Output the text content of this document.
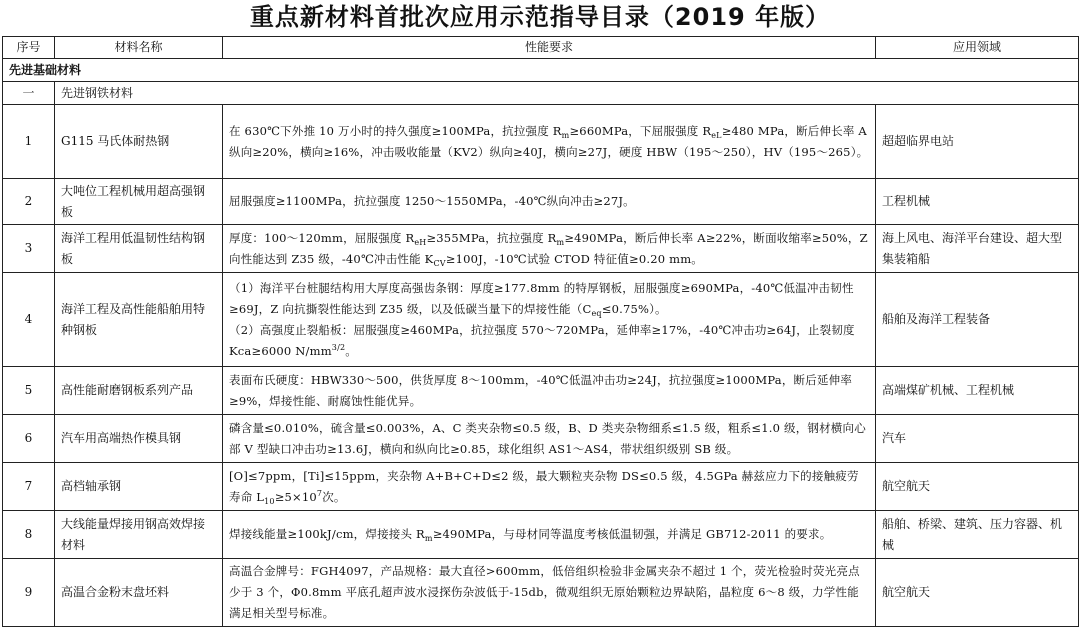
重点新材料首批次应用示范指导目录（2019 年版）
序号	材料名称	性能要求	应用领域
先进基础材料			
一	先进钢铁材料		
1	G115 马氏体耐热钢	在 630℃下外推 10 万小时的持久强度≥100MPa，抗拉强度 $R_m\ge 660MPa$，下屈服强度 $R_{eL}\ge 480$ MPa，断后伸长率 A 纵向≥20%，横向≥16%，冲击吸收能量（KV2）纵向≥40J，横向≥27J，硬度 HBW（195～250），HV（195～265）。	超超临界电站
2	大吨位工程机械用超高强钢板	屈服强度≥1100MPa，抗拉强度 1250～1550MPa，-40℃纵向冲击≥27J。	工程机械
3	海洋工程用低温韧性结构钢板	厚度：100～120mm，屈服强度 $R_{eH}\ge 355MPa$，抗拉强度 $R_m\ge 490MPa$，断后伸长率 A≥22%，断面收缩率≥50%，Z 向性能达到 Z35 级，-40℃冲击性能 $K_{CV}\ge 100J$，-10℃试验 CTOD 特征值≥0.20 mm。	海上风电、海洋平台建设、超大型集装箱船
4	海洋工程及高性能船舶用特种钢板	（1）海洋平台桩腿结构用大厚度高强齿条钢：厚度≥177.8mm 的特厚钢板，屈服强度≥690MPa，-40℃低温冲击韧性≥69J，Z 向抗撕裂性能达到 Z35 级，以及低碳当量下的焊接性能$(C_{eq}\le 0.75\%)$。
（2）高强度止裂船板：屈服强度≥460MPa，抗拉强度 570～720MPa，延伸率≥17%，-40℃冲击功≥64J，止裂韧度 Kca≥6000 $N/mm^{3/2}$。	船舶及海洋工程装备
5	高性能耐磨钢板系列产品	表面布氏硬度：HBW330～500，供货厚度 8～100mm，-40℃低温冲击功≥24J，抗拉强度≥1000MPa，断后延伸率≥9%，焊接性能、耐腐蚀性能优异。	高端煤矿机械、工程机械
6	汽车用高端热作模具钢	磷含量≤0.010%，硫含量≤0.003%，A、C 类夹杂物≤0.5 级，B、D 类夹杂物细系≤1.5 级，粗系≤1.0 级，钢材横向心部 V 型缺口冲击功≥13.6J，横向和纵向比≥0.85，球化组织 AS1～AS4，带状组织级别 SB 级。	汽车
7	高档轴承钢	[O]≤7ppm，[Ti]≤15ppm，夹杂物 A+B+C+D≤2 级，最大颗粒夹杂物 DS≤0.5 级，4.5GPa 赫兹应力下的接触疲劳寿命 $L_{10}\ge 5\times 10^7$次。	航空航天
8	大线能量焊接用钢高效焊接材料	焊接线能量≥100kJ/cm，焊接接头 $R_m\ge 490MPa$，与母材同等温度考核低温韧强，并满足 GB712-2011 的要求。	船舶、桥梁、建筑、压力容器、机械
9	高温合金粉末盘坯料	高温合金牌号：FGH4097，产品规格：最大直径>600mm，低倍组织检验非金属夹杂不超过 1 个，荧光检验时荧光亮点少于 3 个，Φ0.8mm 平底孔超声波水浸探伤杂波低于-15db，微观组织无原始颗粒边界缺陷，晶粒度 6～8 级，力学性能满足相关型号标准。	航空航天
